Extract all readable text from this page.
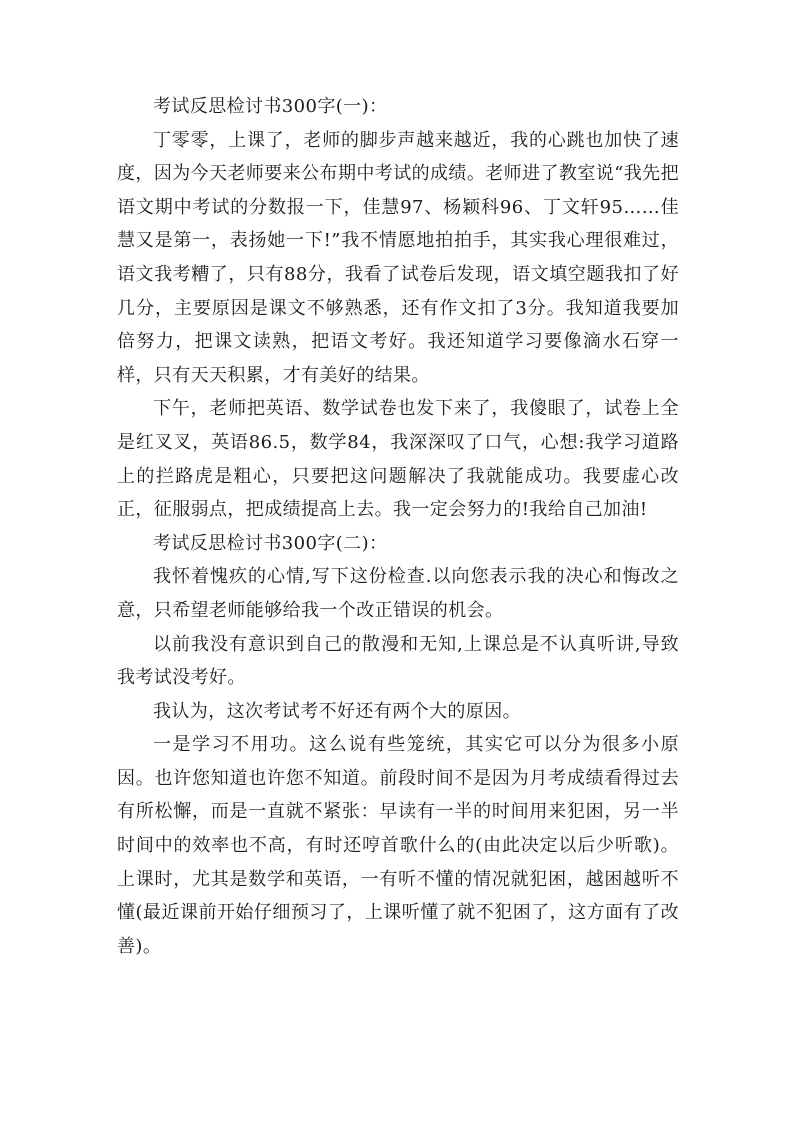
考试反思检讨书300字(一)：

丁零零，上课了，老师的脚步声越来越近，我的心跳也加快了速度，因为今天老师要来公布期中考试的成绩。老师进了教室说“我先把语文期中考试的分数报一下，佳慧97、杨颖科96、丁文轩95……佳慧又是第一，表扬她一下!”我不情愿地拍拍手，其实我心理很难过，语文我考糟了，只有88分，我看了试卷后发现，语文填空题我扣了好几分，主要原因是课文不够熟悉，还有作文扣了3分。我知道我要加倍努力，把课文读熟，把语文考好。我还知道学习要像滴水石穿一样，只有天天积累，才有美好的结果。

下午，老师把英语、数学试卷也发下来了，我傻眼了，试卷上全是红叉叉，英语86.5，数学84，我深深叹了口气，心想:我学习道路上的拦路虎是粗心，只要把这问题解决了我就能成功。我要虚心改正，征服弱点，把成绩提高上去。我一定会努力的!我给自己加油!

考试反思检讨书300字(二)：

我怀着愧疚的心情,写下这份检查.以向您表示我的决心和悔改之意，只希望老师能够给我一个改正错误的机会。

以前我没有意识到自己的散漫和无知,上课总是不认真听讲,导致我考试没考好。

我认为，这次考试考不好还有两个大的原因。

一是学习不用功。这么说有些笼统，其实它可以分为很多小原因。也许您知道也许您不知道。前段时间不是因为月考成绩看得过去有所松懈，而是一直就不紧张：早读有一半的时间用来犯困，另一半时间中的效率也不高，有时还哼首歌什么的(由此决定以后少听歌)。上课时，尤其是数学和英语，一有听不懂的情况就犯困，越困越听不懂(最近课前开始仔细预习了，上课听懂了就不犯困了，这方面有了改善)。
